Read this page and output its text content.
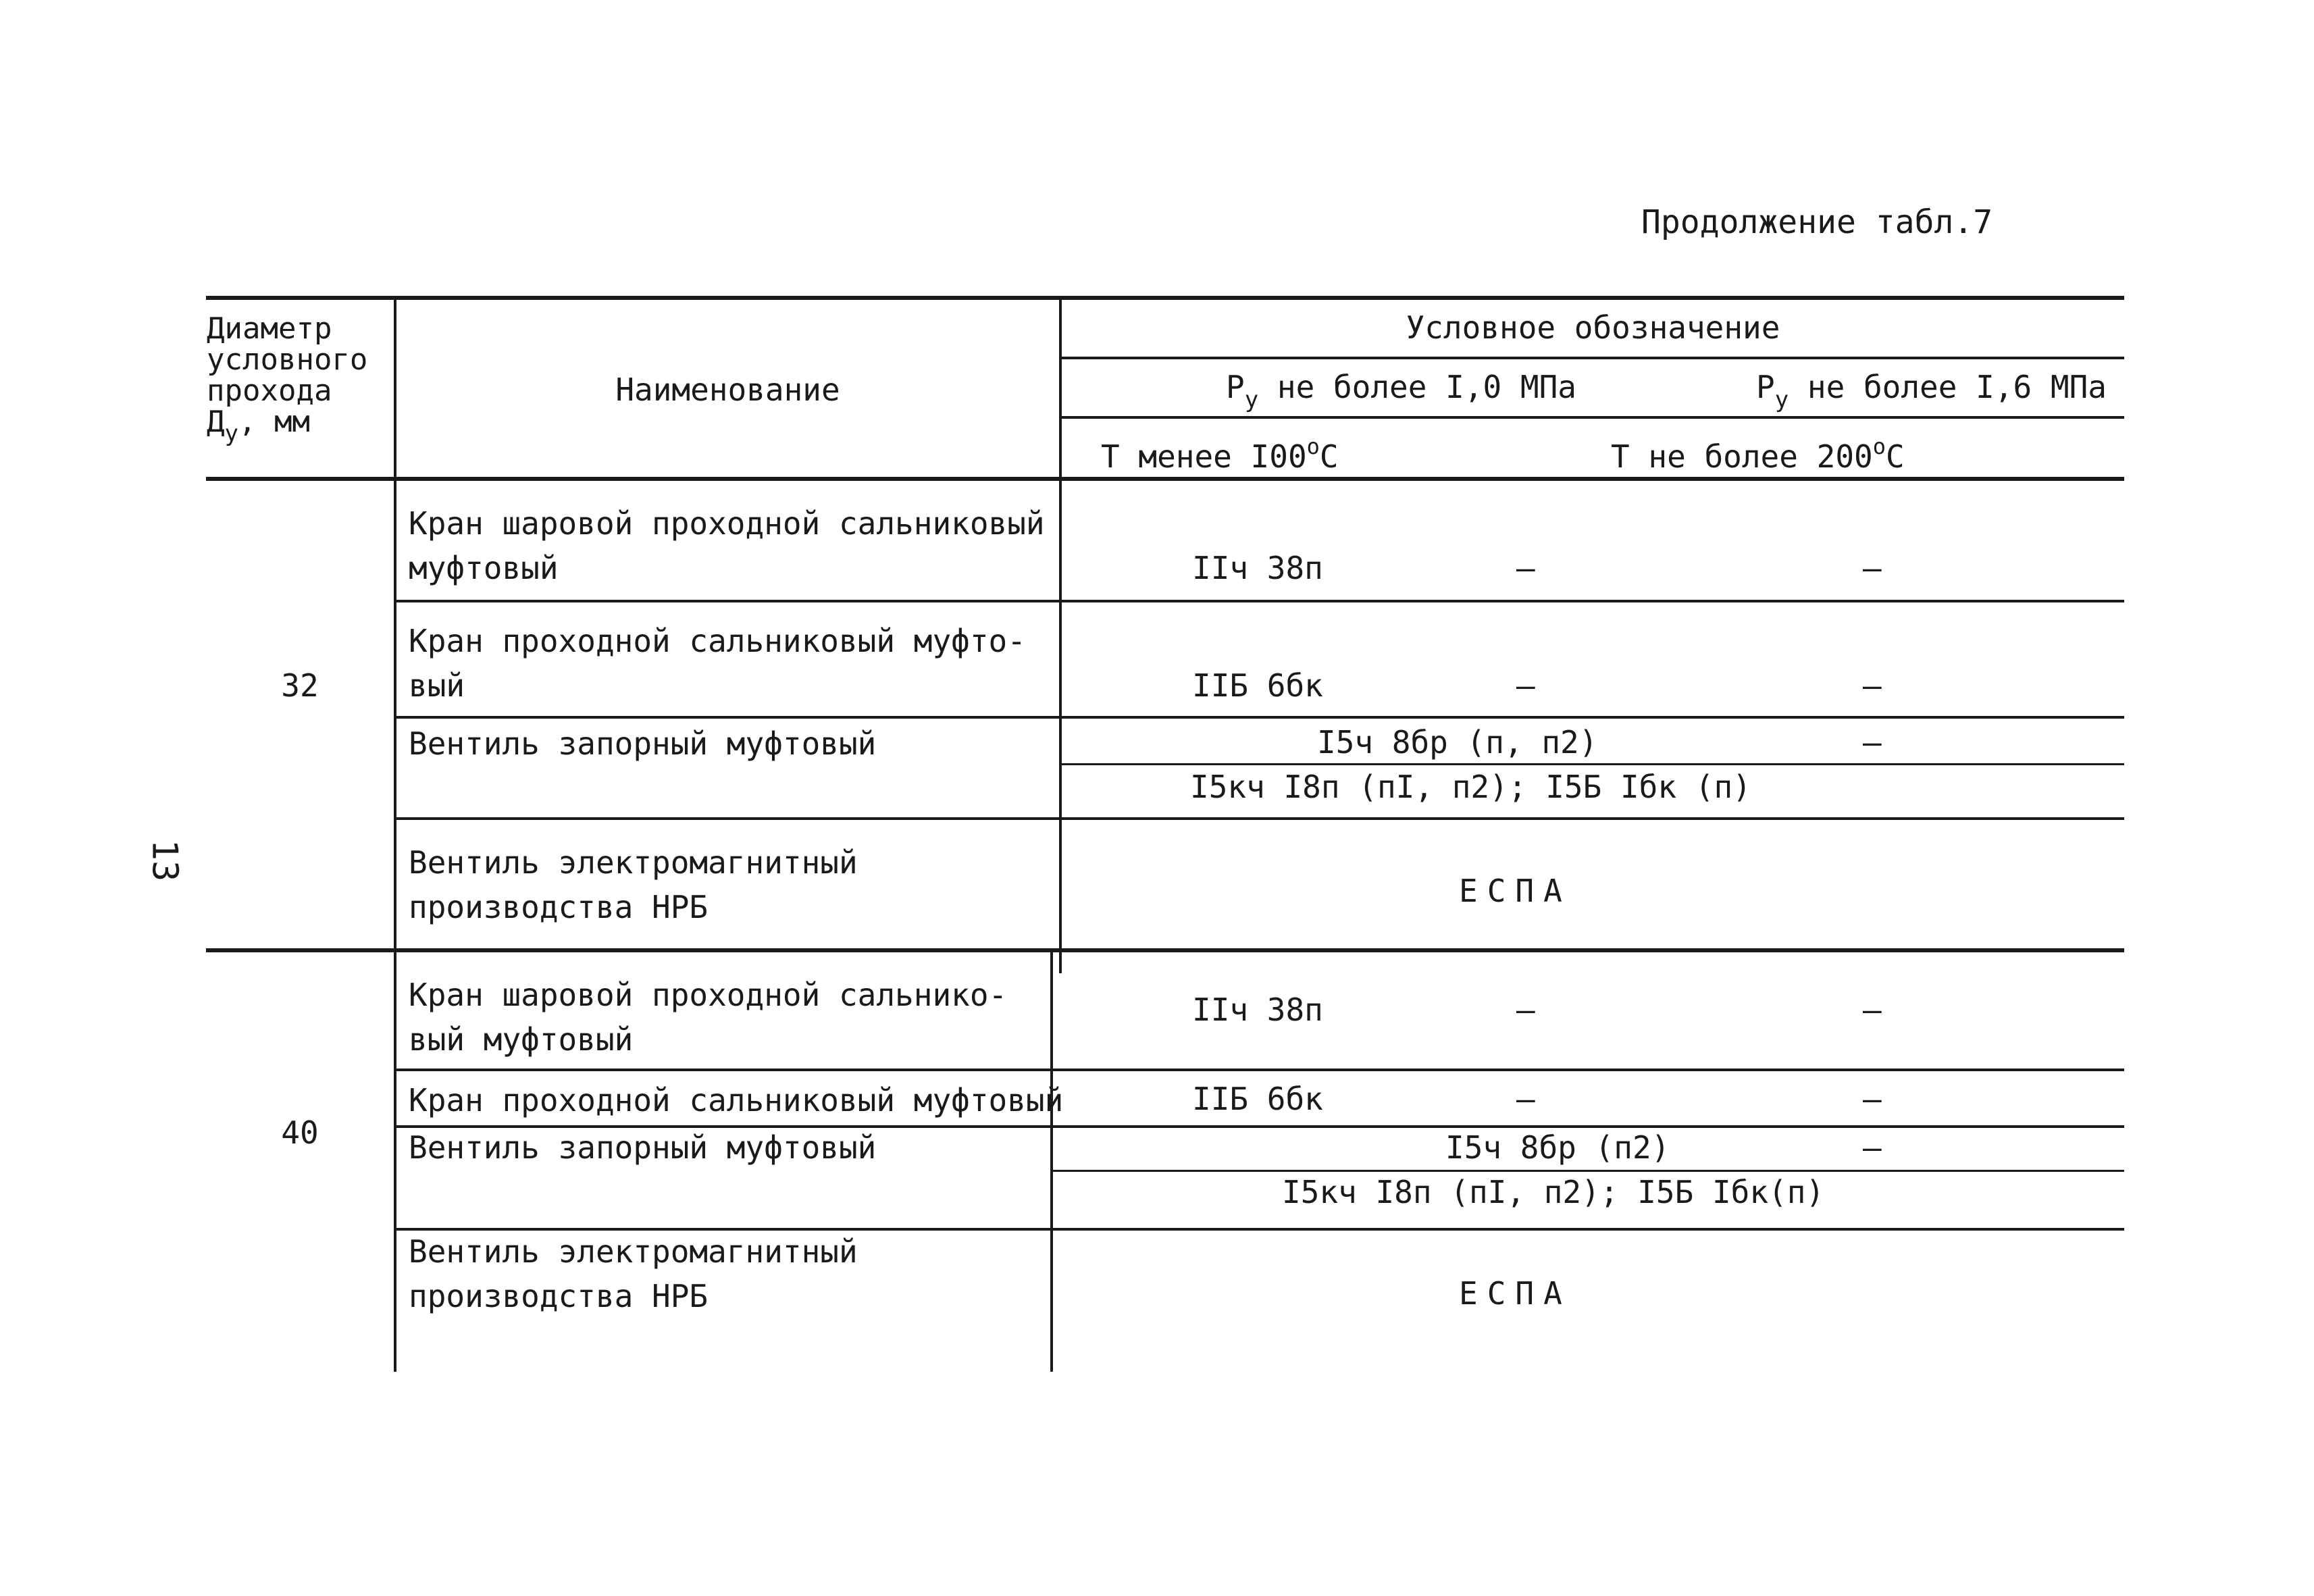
Продолжение табл.7
13
Диаметр
условного
прохода
$Д_у$, мм
Наименование
Условное обозначение
$Р_у$ не более I,0 МПа	$Р_у$ не более I,6 МПа
Т менее $I00^оС$	Т не более $200^оС$
32
Кран шаровой проходной сальниковый
муфтовый	IIч 38п	–	–
Кран проходной сальниковый муфто-
вый	IIБ 6бк	–	–
Вентиль запорный муфтовый	I5ч 8бр (п, п2)	–
I5кч I8п (пI, п2); I5Б Iбк (п)
Вентиль электромагнитный
производства НРБ	ЕСПА
40
Кран шаровой проходной сальнико-
вый муфтовый
IIч 38п	–	–
Кран проходной сальниковый муфтовый	IIБ 6бк	–	–
Вентиль запорный муфтовый	I5ч 8бр (п2)	–
I5кч I8п (пI, п2); I5Б Iбк(п)
Вентиль электромагнитный
производства НРБ	ЕСПА
